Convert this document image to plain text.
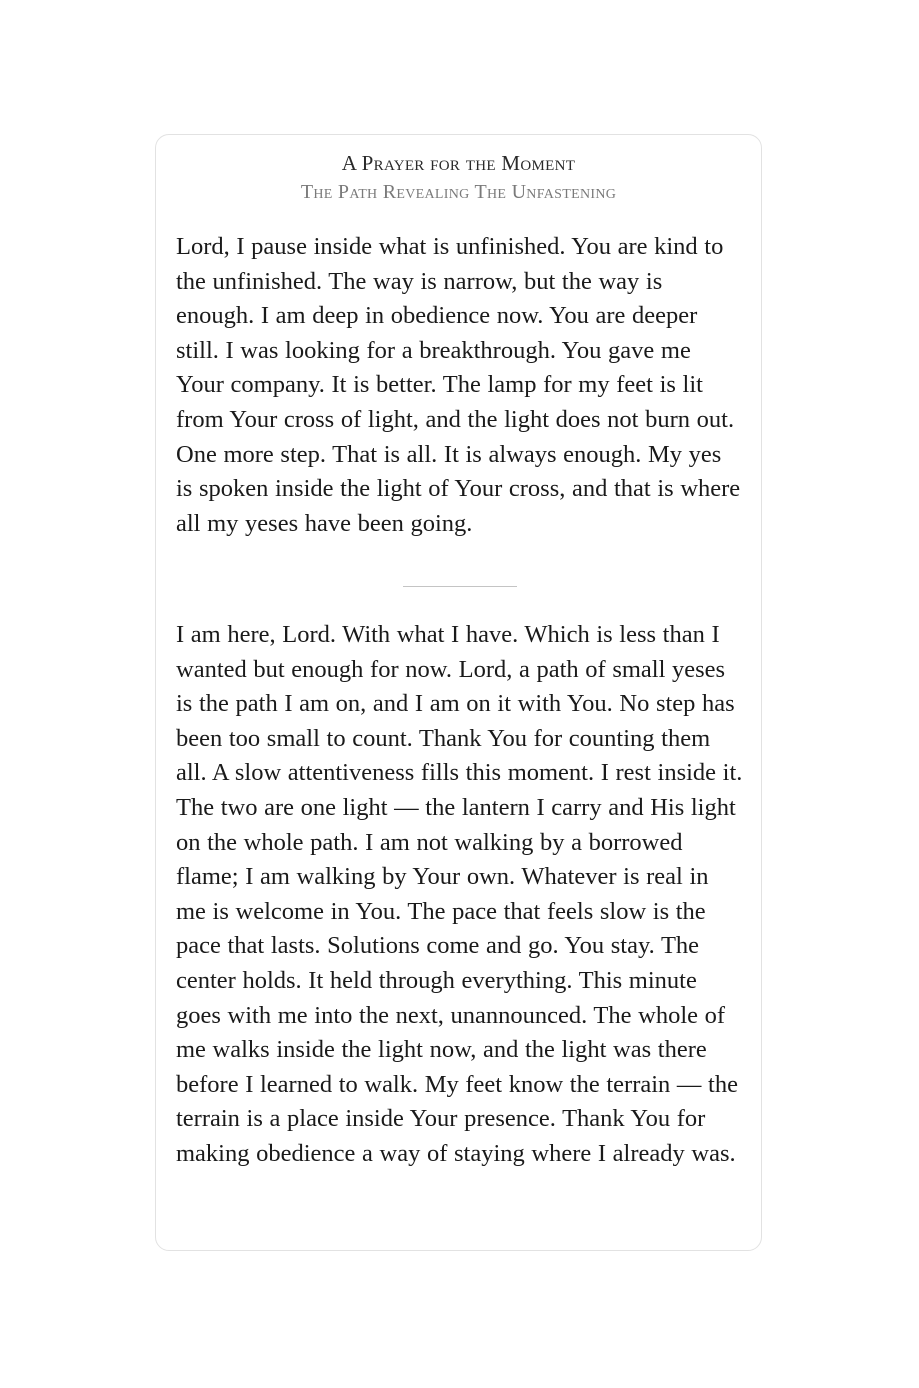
A Prayer for the Moment
The Path Revealing The Unfastening

Lord, I pause inside what is unfinished. You are kind to the unfinished. The way is narrow, but the way is enough. I am deep in obedience now. You are deeper still. I was looking for a breakthrough. You gave me Your company. It is better. The lamp for my feet is lit from Your cross of light, and the light does not burn out. One more step. That is all. It is always enough. My yes is spoken inside the light of Your cross, and that is where all my yeses have been going.

I am here, Lord. With what I have. Which is less than I wanted but enough for now. Lord, a path of small yeses is the path I am on, and I am on it with You. No step has been too small to count. Thank You for counting them all. A slow attentiveness fills this moment. I rest inside it. The two are one light — the lantern I carry and His light on the whole path. I am not walking by a borrowed flame; I am walking by Your own. Whatever is real in me is welcome in You. The pace that feels slow is the pace that lasts. Solutions come and go. You stay. The center holds. It held through everything. This minute goes with me into the next, unannounced. The whole of me walks inside the light now, and the light was there before I learned to walk. My feet know the terrain — the terrain is a place inside Your presence. Thank You for making obedience a way of staying where I already was.
